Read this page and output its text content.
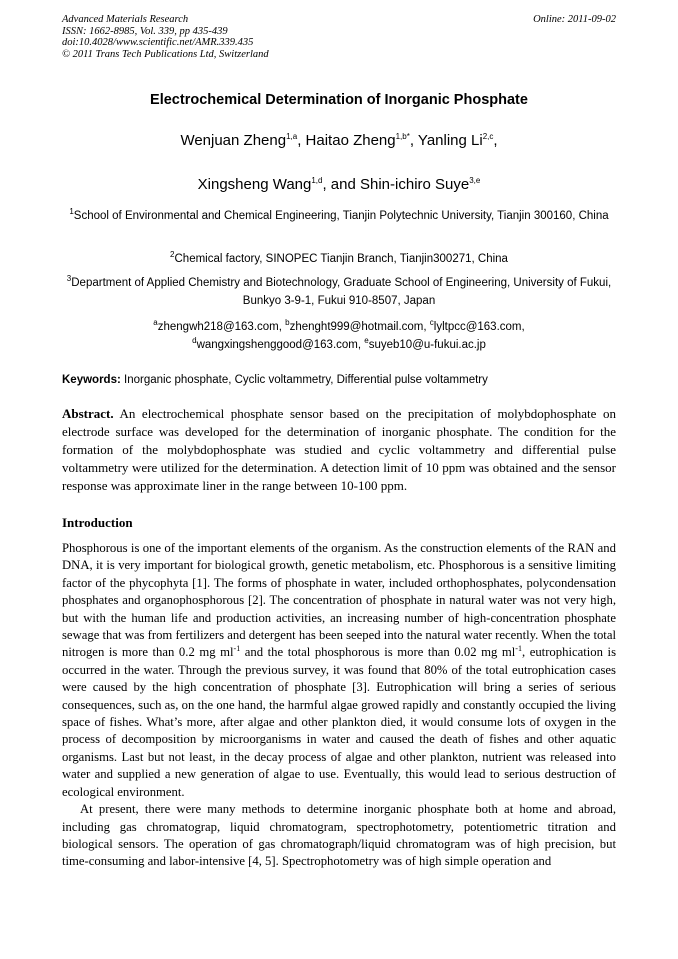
Advanced Materials Research
ISSN: 1662-8985, Vol. 339, pp 435-439
doi:10.4028/www.scientific.net/AMR.339.435
© 2011 Trans Tech Publications Ltd, Switzerland
Online: 2011-09-02
Electrochemical Determination of Inorganic Phosphate
Wenjuan Zheng$^{1,a}$, Haitao Zheng$^{1,b*}$, Yanling Li$^{2,c}$,
Xingsheng Wang$^{1,d}$, and Shin-ichiro Suye$^{3,e}$
$^1$School of Environmental and Chemical Engineering, Tianjin Polytechnic University, Tianjin 300160, China
$^2$Chemical factory, SINOPEC Tianjin Branch, Tianjin300271, China
$^3$Department of Applied Chemistry and Biotechnology, Graduate School of Engineering, University of Fukui, Bunkyo 3-9-1, Fukui 910-8507, Japan
$^a$zhengwh218@163.com, $^b$zhenght999@hotmail.com, $^c$lyltpcc@163.com,
$^d$wangxingshenggood@163.com, $^e$suyeb10@u-fukui.ac.jp
Keywords: Inorganic phosphate, Cyclic voltammetry, Differential pulse voltammetry
Abstract. An electrochemical phosphate sensor based on the precipitation of molybdophosphate on electrode surface was developed for the determination of inorganic phosphate. The condition for the formation of the molybdophosphate was studied and cyclic voltammetry and differential pulse voltammetry were utilized for the determination. A detection limit of 10 ppm was obtained and the sensor response was approximate liner in the range between 10-100 ppm.
Introduction

Phosphorous is one of the important elements of the organism. As the construction elements of the RAN and DNA, it is very important for biological growth, genetic metabolism, etc. Phosphorous is a sensitive limiting factor of the phycophyta [1]. The forms of phosphate in water, included orthophosphates, polycondensation phosphates and organophosphorous [2]. The concentration of phosphate in natural water was not very high, but with the human life and production activities, an increasing number of high-concentration phosphate sewage that was from fertilizers and detergent has been seeped into the natural water recently. When the total nitrogen is more than 0.2 mg $ml^{-1}$ and the total phosphorous is more than 0.02 mg $ml^{-1}$, eutrophication is occurred in the water. Through the previous survey, it was found that 80% of the total eutrophication cases were caused by the high concentration of phosphate [3]. Eutrophication will bring a series of serious consequences, such as, on the one hand, the harmful algae growed rapidly and constantly occupied the living space of fishes. What’s more, after algae and other plankton died, it would consume lots of oxygen in the process of decomposition by microorganisms in water and caused the death of fishes and other aquatic organisms. Last but not least, in the decay process of algae and other plankton, nutrient was released into water and supplied a new generation of algae to use. Eventually, this would lead to serious destruction of ecological environment.

At present, there were many methods to determine inorganic phosphate both at home and abroad, including gas chromatograp, liquid chromatogram, spectrophotometry, potentiometric titration and biological sensors. The operation of gas chromatograph/liquid chromatogram was of high precision, but time-consuming and labor-intensive [4, 5]. Spectrophotometry was of high simple operation and
